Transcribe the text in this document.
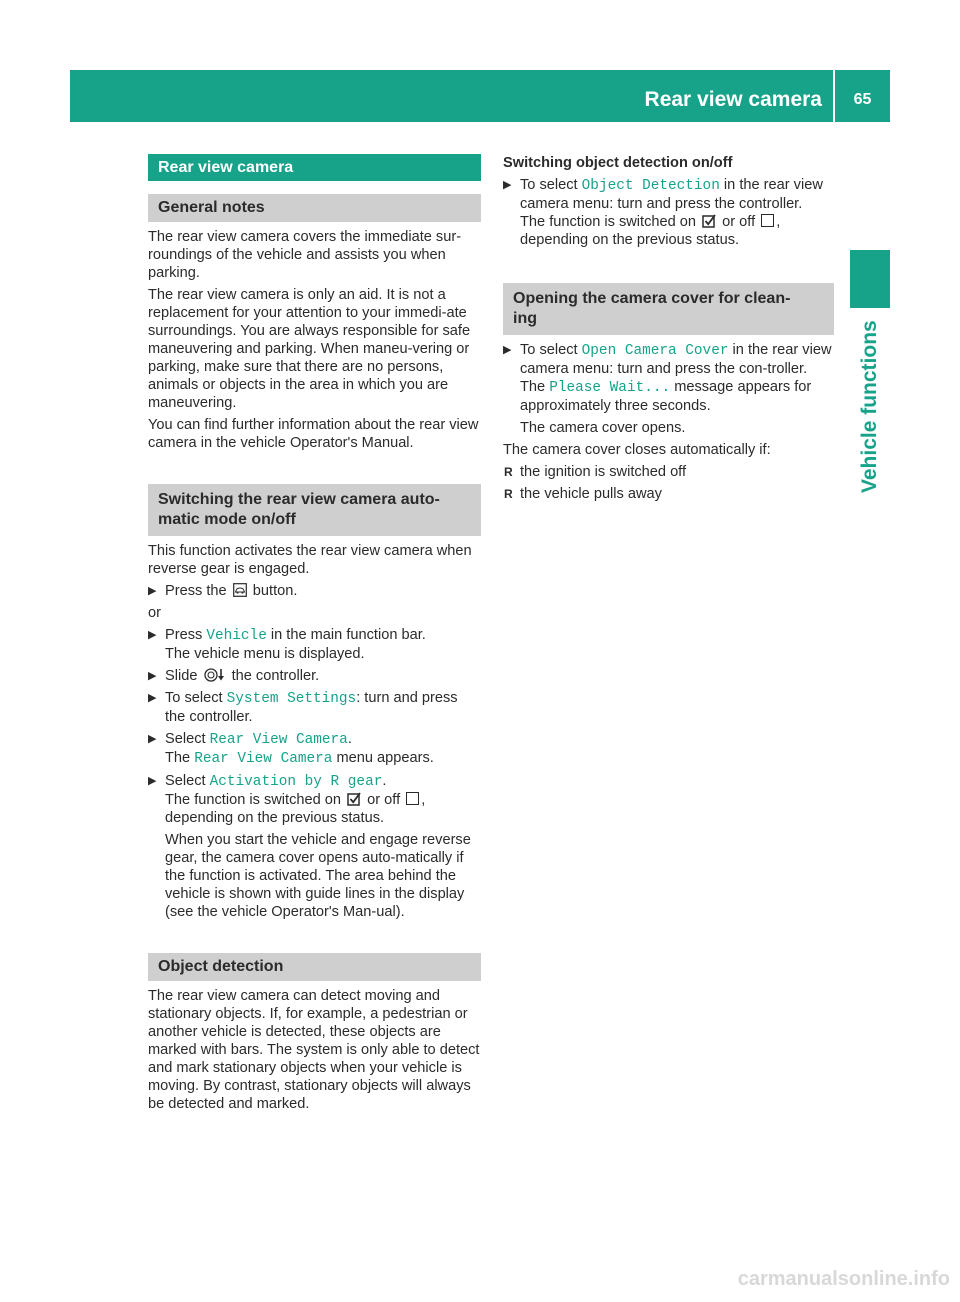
Rear view camera	65
Vehicle functions
Rear view camera
General notes

The rear view camera covers the immediate sur-roundings of the vehicle and assists you when parking.

The rear view camera is only an aid. It is not a replacement for your attention to your immedi-ate surroundings. You are always responsible for safe maneuvering and parking. When maneu-vering or parking, make sure that there are no persons, animals or objects in the area in which you are maneuvering.

You can find further information about the rear view camera in the vehicle Operator's Manual.

Switching the rear view camera auto-
matic mode on/off

This function activates the rear view camera when reverse gear is engaged.

▶ Press the button.

or

▶ Press Vehicle in the main function bar.
The vehicle menu is displayed.
▶ Slide the controller.
▶ To select System Settings: turn and press the controller.
▶ Select Rear View Camera.
The Rear View Camera menu appears.
▶ Select Activation by R gear.
The function is switched on or off ,
depending on the previous status.

When you start the vehicle and engage reverse gear, the camera cover opens auto-matically if the function is activated. The area behind the vehicle is shown with guide lines in the display (see the vehicle Operator's Man-ual).

Object detection

The rear view camera can detect moving and stationary objects. If, for example, a pedestrian or another vehicle is detected, these objects are marked with bars. The system is only able to detect and mark stationary objects when your vehicle is moving. By contrast, stationary objects will always be detected and marked.

Switching object detection on/off
▶ To select Object Detection in the rear view camera menu: turn and press the controller.
The function is switched on or off ,
depending on the previous status.
Opening the camera cover for clean-
ing
▶ To select Open Camera Cover in the rear view camera menu: turn and press the con-troller.
The Please Wait... message appears for approximately three seconds.

The camera cover opens.

The camera cover closes automatically if:

R the ignition is switched off
R the vehicle pulls away
carmanualsonline.info
